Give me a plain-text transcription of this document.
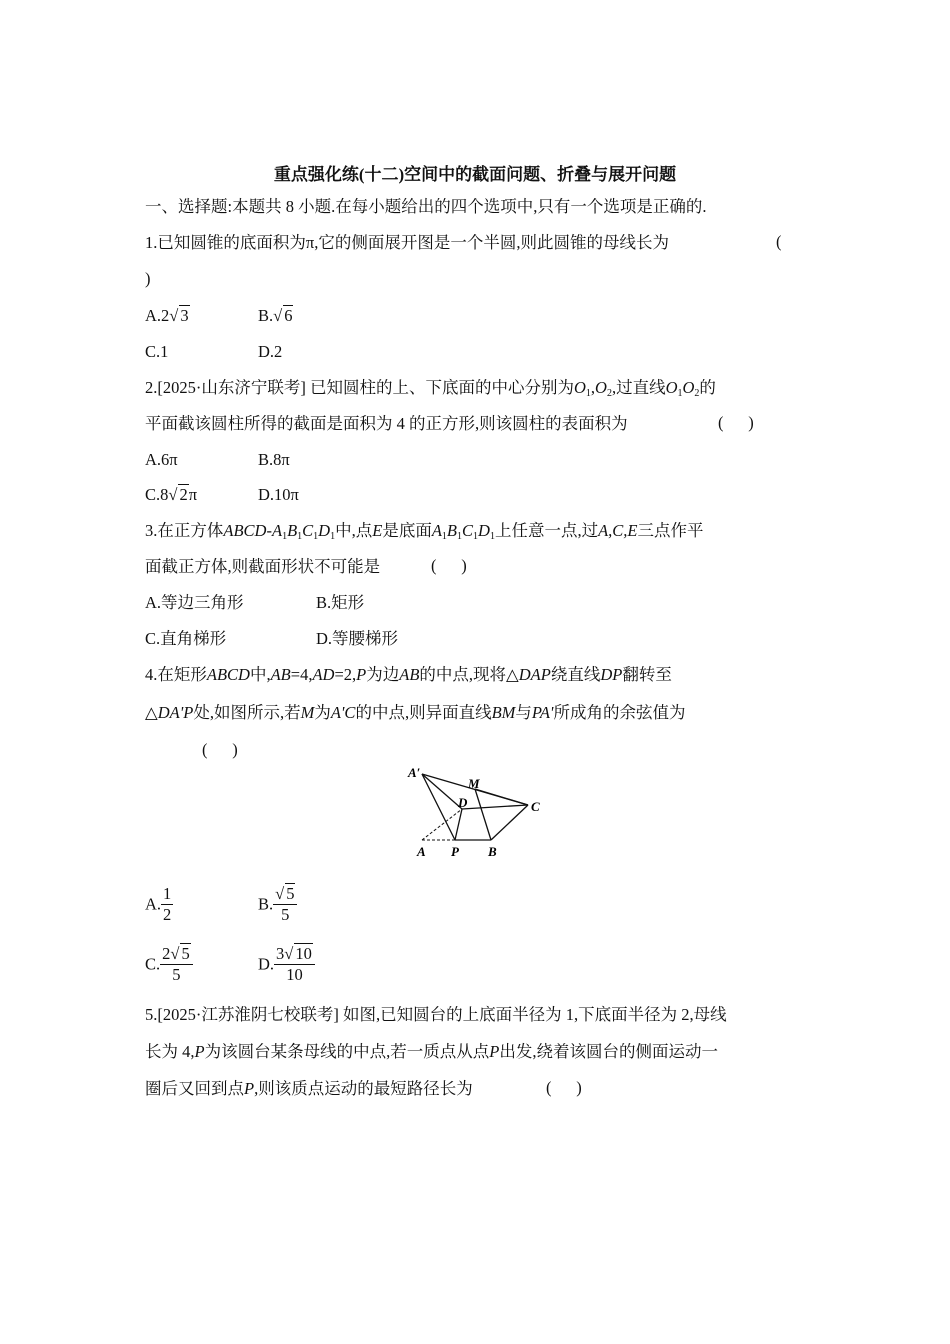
重点强化练(十二)空间中的截面问题、折叠与展开问题
一、选择题:本题共 8 小题.在每小题给出的四个选项中,只有一个选项是正确的.
1.已知圆锥的底面积为π,它的侧面展开图是一个半圆,则此圆锥的母线长为	(
)
A.2√ 3	B.√ 6
C.1	D.2
2.[2025·山东济宁联考] 已知圆柱的上、下底面的中心分别为$O_1,O_2$,过直线$O_1O_2$的
平面截该圆柱所得的截面是面积为 4 的正方形,则该圆柱的表面积为	(      )
A.6π	B.8π
C.8√ 2π	D.10π
3.在正方体ABCD-$A_1B_1C_1D_1$中,点E是底面$A_1B_1C_1D_1$上任意一点,过A,C,E三点作平
面截正方体,则截面形状不可能是	(      )
A.等边三角形	B.矩形
C.直角梯形	D.等腰梯形
4.在矩形ABCD中,AB=4,AD=2,P为边AB的中点,现将△DAP绕直线DP翻转至
△DA'P处,如图所示,若M为A'C的中点,则异面直线BM与PA'所成角的余弦值为
(      )
A′
M
D	C
A P B
A. $\frac{1}{2}$	B. $\frac{√ 5}{5}$
C. $\frac{2√ 5}{5}$	D. $\frac{3√ 10}{10}$
5.[2025·江苏淮阴七校联考] 如图,已知圆台的上底面半径为 1,下底面半径为 2,母线
长为 4,P为该圆台某条母线的中点,若一质点从点P出发,绕着该圆台的侧面运动一
圈后又回到点P,则该质点运动的最短路径长为	(      )
